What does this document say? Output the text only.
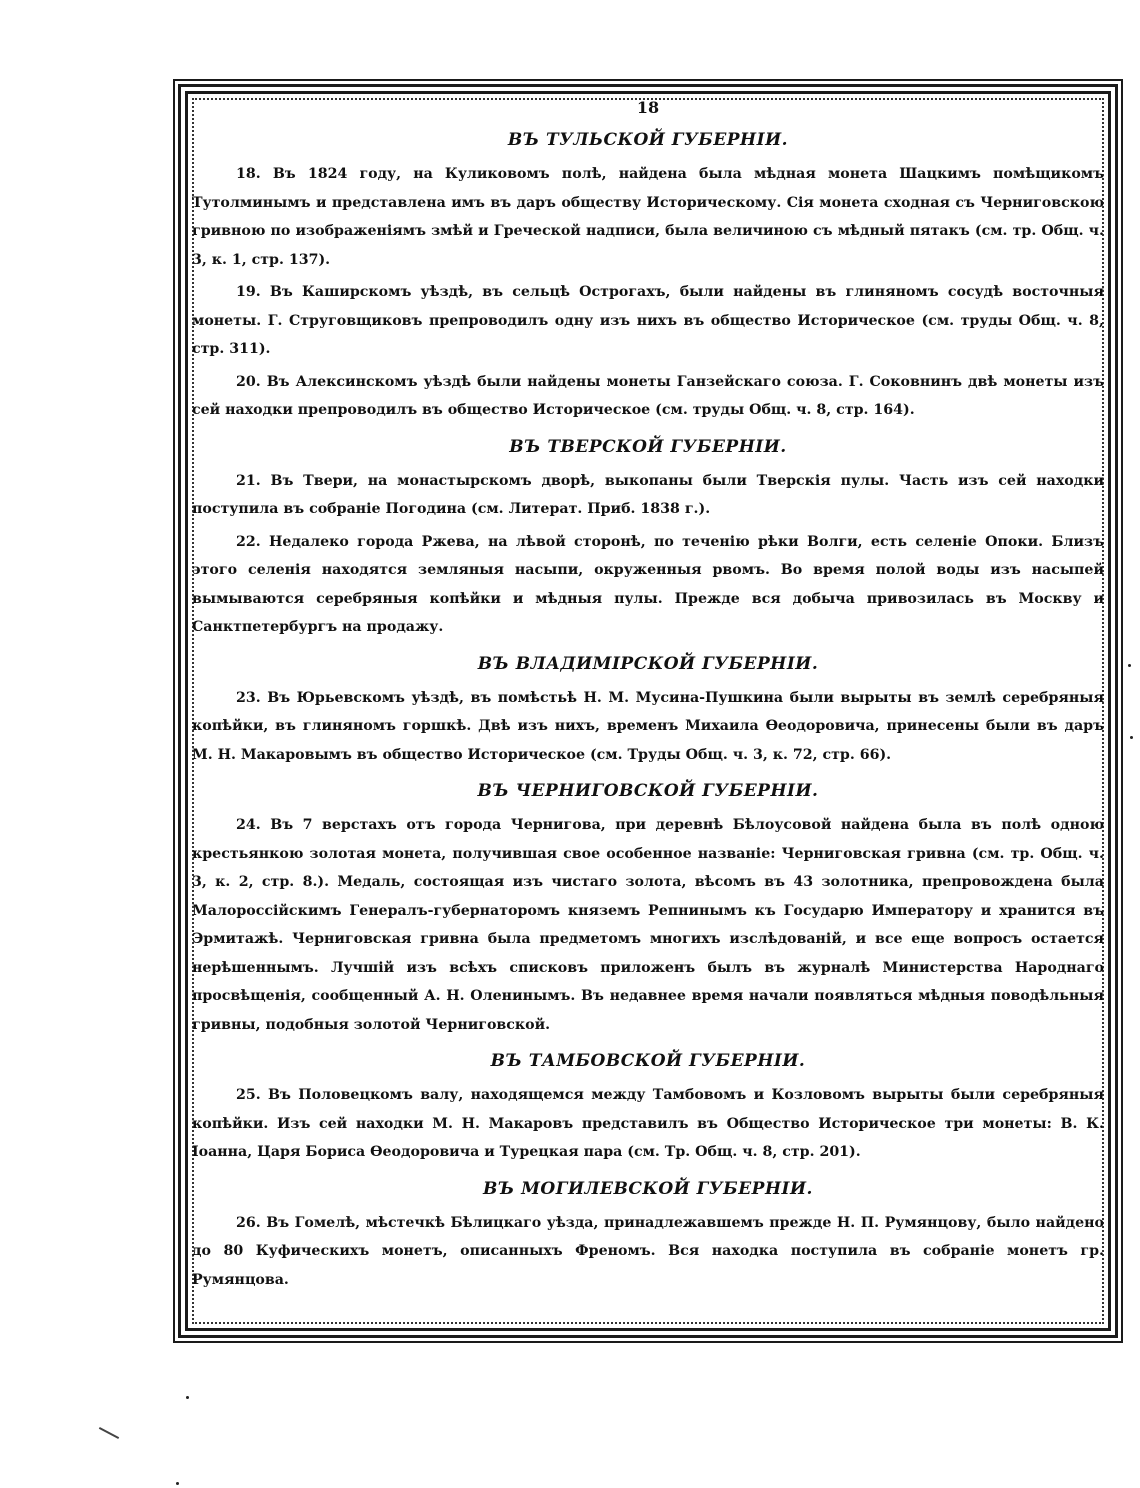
18
ВЪ ТУЛЬСКОЙ ГУБЕРНІИ.

18. Въ 1824 году, на Куликовомъ полѣ, найдена была мѣдная монета Шацкимъ помѣщикомъ Тутолминымъ и представлена имъ въ даръ обществу Историческому. Сія монета сходная съ Черниговскою гривною по изображеніямъ змѣй и Греческой надписи, была величиною съ мѣдный пятакъ (см. тр. Общ. ч. 3, к. 1, стр. 137).

19. Въ Каширскомъ уѣздѣ, въ сельцѣ Острогахъ, были найдены въ глиняномъ сосудѣ восточныя монеты. Г. Струговщиковъ препроводилъ одну изъ нихъ въ общество Историческое (см. труды Общ. ч. 8, стр. 311).

20. Въ Алексинскомъ уѣздѣ были найдены монеты Ганзейскаго союза. Г. Соковнинъ двѣ монеты изъ сей находки препроводилъ въ общество Историческое (см. труды Общ. ч. 8, стр. 164).

ВЪ ТВЕРСКОЙ ГУБЕРНІИ.

21. Въ Твери, на монастырскомъ дворѣ, выкопаны были Тверскія пулы. Часть изъ сей находки поступила въ собраніе Погодина (см. Литерат. Приб. 1838 г.).

22. Недалеко города Ржева, на лѣвой сторонѣ, по теченію рѣки Волги, есть селеніе Опоки. Близъ этого селенія находятся земляныя насыпи, окруженныя рвомъ. Во время полой воды изъ насыпей вымываются серебряныя копѣйки и мѣдныя пулы. Прежде вся добыча привозилась въ Москву и Санктпетербургъ на продажу.

ВЪ ВЛАДИМІРСКОЙ ГУБЕРНІИ.

23. Въ Юрьевскомъ уѣздѣ, въ помѣстьѣ Н. М. Мусина-Пушкина были вырыты въ землѣ серебряныя копѣйки, въ глиняномъ горшкѣ. Двѣ изъ нихъ, временъ Михаила Ѳеодоровича, принесены были въ даръ М. Н. Макаровымъ въ общество Историческое (см. Труды Общ. ч. 3, к. 72, стр. 66).

ВЪ ЧЕРНИГОВСКОЙ ГУБЕРНІИ.

24. Въ 7 верстахъ отъ города Чернигова, при деревнѣ Бѣлоусовой найдена была въ полѣ одною крестьянкою золотая монета, получившая свое особенное названіе: Черниговская гривна (см. тр. Общ. ч. 3, к. 2, стр. 8.). Медаль, состоящая изъ чистаго золота, вѣсомъ въ 43 золотника, препровождена была Малороссійскимъ Генералъ-губернаторомъ княземъ Репнинымъ къ Государю Императору и хранится въ Эрмитажѣ. Черниговская гривна была предметомъ многихъ изслѣдованій, и все еще вопросъ остается нерѣшеннымъ. Лучшій изъ всѣхъ списковъ приложенъ былъ въ журналѣ Министерства Народнаго просвѣщенія, сообщенный А. Н. Оленинымъ. Въ недавнее время начали появляться мѣдныя поводѣльныя гривны, подобныя золотой Черниговской.

ВЪ ТАМБОВСКОЙ ГУБЕРНІИ.

25. Въ Половецкомъ валу, находящемся между Тамбовомъ и Козловомъ вырыты были серебряныя копѣйки. Изъ сей находки М. Н. Макаровъ представилъ въ Общество Историческое три монеты: В. К. Іоанна, Царя Бориса Ѳеодоровича и Турецкая пара (см. Тр. Общ. ч. 8, стр. 201).

ВЪ МОГИЛЕВСКОЙ ГУБЕРНІИ.

26. Въ Гомелѣ, мѣстечкѣ Бѣлицкаго уѣзда, принадлежавшемъ прежде Н. П. Румянцову, было найдено до 80 Куфическихъ монетъ, описанныхъ Френомъ. Вся находка поступила въ собраніе монетъ гр. Румянцова.
